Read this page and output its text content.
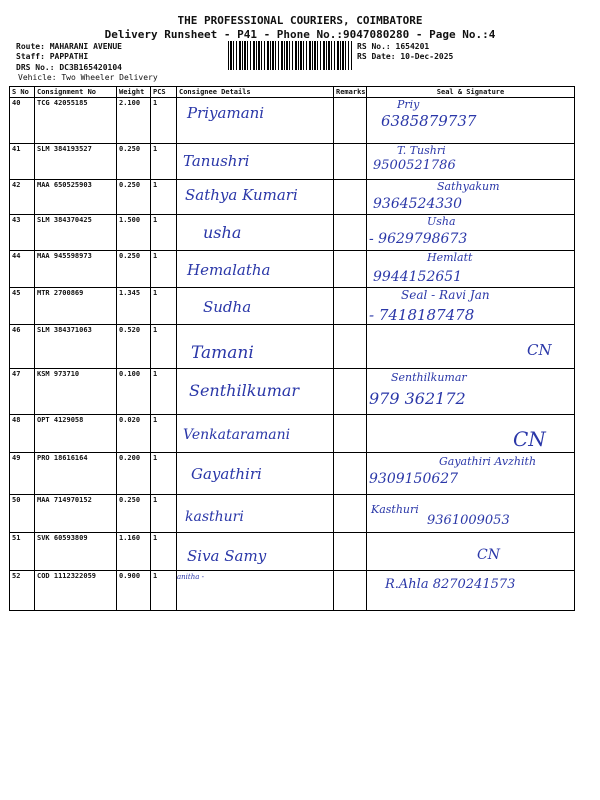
THE PROFESSIONAL COURIERS, COIMBATORE
Delivery Runsheet - P41 - Phone No.:9047080280 - Page No.:4
Route: MAHARANI AVENUE
Staff: PAPPATHI
DRS No.: DC3B165420104
Vehicle: Two Wheeler Delivery
RS No.: 1654201
RS Date: 10-Dec-2025
S No	Consignment No	Weight	PCS	Consignee Details	Remarks	Seal & Signature
40	TCG 42055185	2.100	1	Priyamani		Priy
6385879737

41	SLM 384193527	0.250	1	Tanushri		T. Tushri
9500521786

42	MAA 650525903	0.250	1	Sathya Kumari		Sathyakum
9364524330

43	SLM 384370425	1.500	1	usha		Usha
- 9629798673

44	MAA 945598973	0.250	1	Hemalatha		Hemlatt
9944152651

45	MTR 2700869	1.345	1	Sudha		Seal - Ravi Jan
- 7418187478

46	SLM 384371063	0.520	1	Tamani		CN

47	KSM 973710	0.100	1	Senthilkumar		Senthilkumar
979 362172

48	OPT 4129058	0.020	1	Venkataramani		CN

49	PRO 18616164	0.200	1	Gayathiri		Gayathiri Avzhith
9309150627

50	MAA 714970152	0.250	1	kasthuri		Kasthuri
9361009053

51	SVK 60593809	1.160	1	Siva Samy		CN

52	COD 1112322059	0.900	1	anitha -		R.Ahla 8270241573
